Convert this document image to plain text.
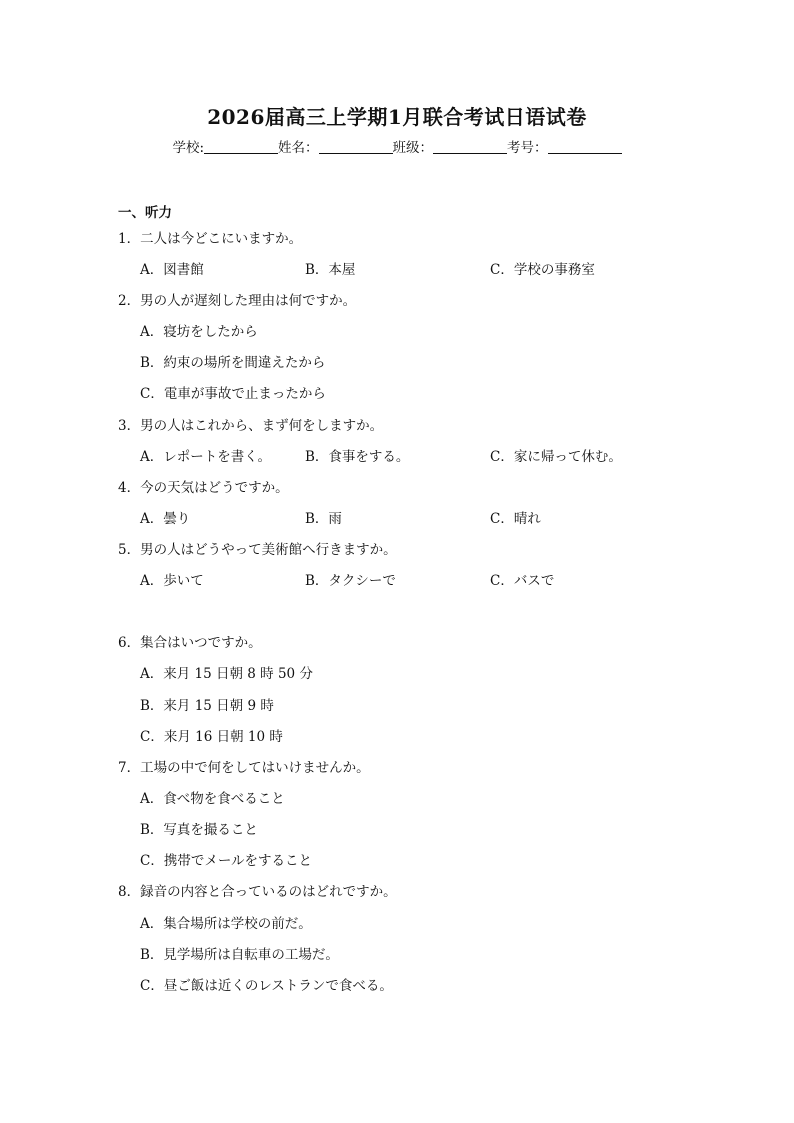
2026届高三上学期1月联合考试日语试卷
学校:	姓名：	班级：	考号：
一、听力
1．二人は今どこにいますか。
A．図書館	B．本屋	C．学校の事務室
2．男の人が遅刻した理由は何ですか。
A．寝坊をしたから
B．約束の場所を間違えたから
C．電車が事故で止まったから
3．男の人はこれから、まず何をしますか。
A．レポートを書く。	B．食事をする。	C．家に帰って休む。
4．今の天気はどうですか。
A．曇り	B．雨	C．晴れ
5．男の人はどうやって美術館へ行きますか。
A．歩いて	B．タクシーで	C．バスで
6．集合はいつですか。
A．来月 15 日朝 8 時 50 分
B．来月 15 日朝 9 時
C．来月 16 日朝 10 時
7．工場の中で何をしてはいけませんか。
A．食べ物を食べること
B．写真を撮ること
C．携帯でメールをすること
8．録音の内容と合っているのはどれですか。
A．集合場所は学校の前だ。
B．見学場所は自転車の工場だ。
C．昼ご飯は近くのレストランで食べる。
